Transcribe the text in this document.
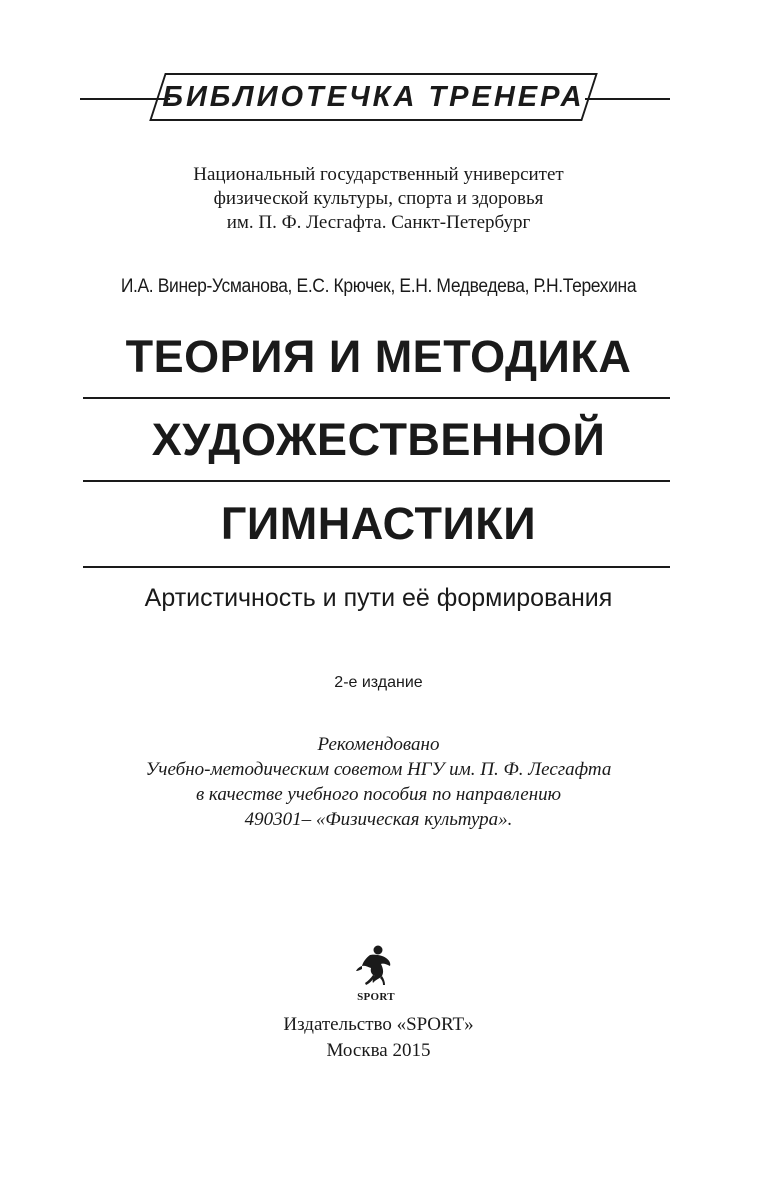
БИБЛИОТЕЧКА ТРЕНЕРА
Национальный государственный университет
физической культуры, спорта и здоровья
им. П. Ф. Лесгафта. Санкт-Петербург
И.А. Винер-Усманова, Е.С. Крючек, Е.Н. Медведева, Р.Н.Терехина
ТЕОРИЯ И МЕТОДИКА
ХУДОЖЕСТВЕННОЙ
ГИМНАСТИКИ
Артистичность и пути её формирования
2-е издание
Рекомендовано
Учебно-методическим советом НГУ им. П. Ф. Лесгафта
в качестве учебного пособия по направлению
490301– «Физическая культура».
SPORT
Издательство «SPORT»
Москва 2015
